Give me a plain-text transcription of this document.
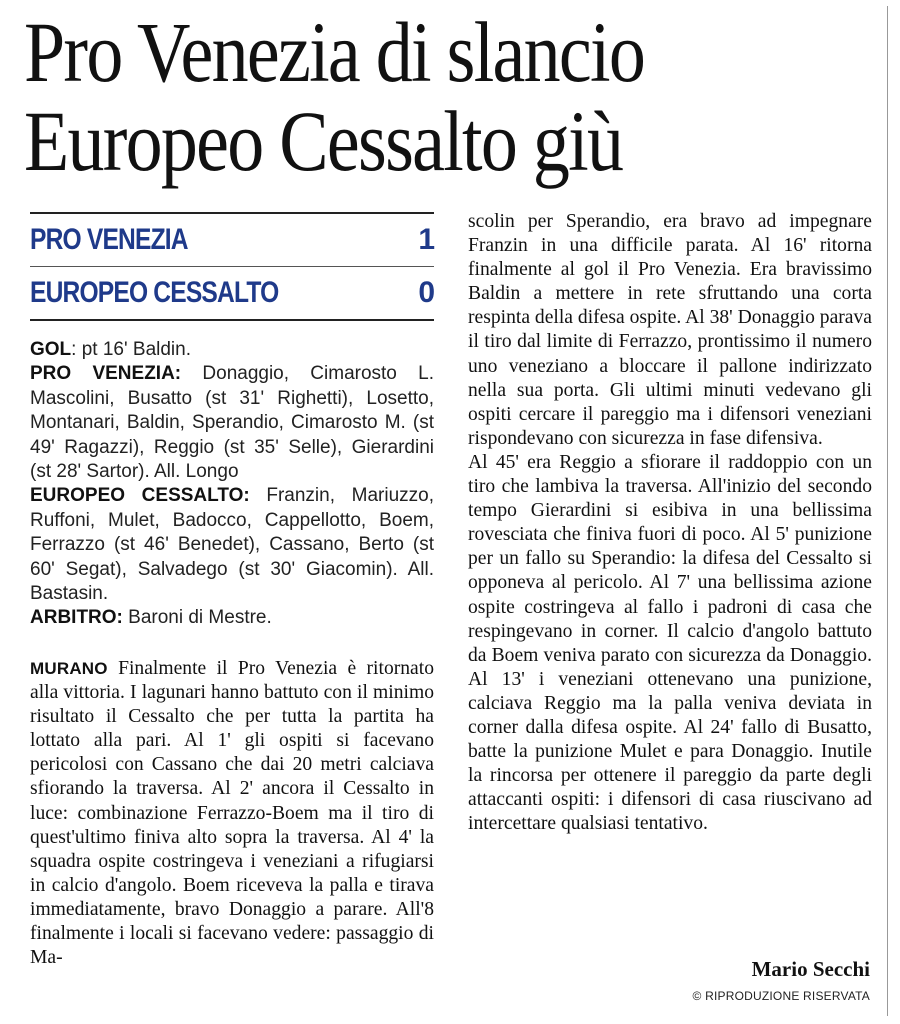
Pro Venezia di slancio
Europeo Cessalto giù
PRO VENEZIA	1
EUROPEO CESSALTO	0

GOL: pt 16' Baldin.

PRO VENEZIA: Donaggio, Cimarosto L. Mascolini, Busatto (st 31' Righetti), Losetto, Montanari, Baldin, Sperandio, Cimarosto M. (st 49' Ragazzi), Reggio (st 35' Selle), Gierardini (st 28' Sartor). All. Longo

EUROPEO CESSALTO: Franzin, Mariuzzo, Ruffoni, Mulet, Badocco, Cappellotto, Boem, Ferrazzo (st 46' Benedet), Cassano, Berto (st 60' Segat), Salvadego (st 30' Giacomin). All. Bastasin.

ARBITRO: Baroni di Mestre.

MURANO Finalmente il Pro Venezia è ritornato alla vittoria. I lagunari hanno battuto con il minimo risultato il Cessalto che per tutta la partita ha lottato alla pari. Al 1' gli ospiti si facevano pericolosi con Cassano che dai 20 metri calciava sfiorando la traversa. Al 2' ancora il Cessalto in luce: combinazione Ferrazzo-Boem ma il tiro di quest'ultimo finiva alto sopra la traversa. Al 4' la squadra ospite costringeva i veneziani a rifugiarsi in calcio d'angolo. Boem riceveva la palla e tirava immediatamente, bravo Donaggio a parare. All'8 finalmente i locali si facevano vedere: passaggio di Ma-

scolin per Sperandio, era bravo ad impegnare Franzin in una difficile parata. Al 16' ritorna finalmente al gol il Pro Venezia. Era bravissimo Baldin a mettere in rete sfruttando una corta respinta della difesa ospite. Al 38' Donaggio parava il tiro dal limite di Ferrazzo, prontissimo il numero uno veneziano a bloccare il pallone indirizzato nella sua porta. Gli ultimi minuti vedevano gli ospiti cercare il pareggio ma i difensori veneziani rispondevano con sicurezza in fase difensiva.

Al 45' era Reggio a sfiorare il raddoppio con un tiro che lambiva la traversa. All'inizio del secondo tempo Gierardini si esibiva in una bellissima rovesciata che finiva fuori di poco. Al 5' punizione per un fallo su Sperandio: la difesa del Cessalto si opponeva al pericolo. Al 7' una bellissima azione ospite costringeva al fallo i padroni di casa che respingevano in corner. Il calcio d'angolo battuto da Boem veniva parato con sicurezza da Donaggio. Al 13' i veneziani ottenevano una punizione, calciava Reggio ma la palla veniva deviata in corner dalla difesa ospite. Al 24' fallo di Busatto, batte la punizione Mulet e para Donaggio. Inutile la rincorsa per ottenere il pareggio da parte degli attaccanti ospiti: i difensori di casa riuscivano ad intercettare qualsiasi tentativo.

Mario Secchi
© RIPRODUZIONE RISERVATA
